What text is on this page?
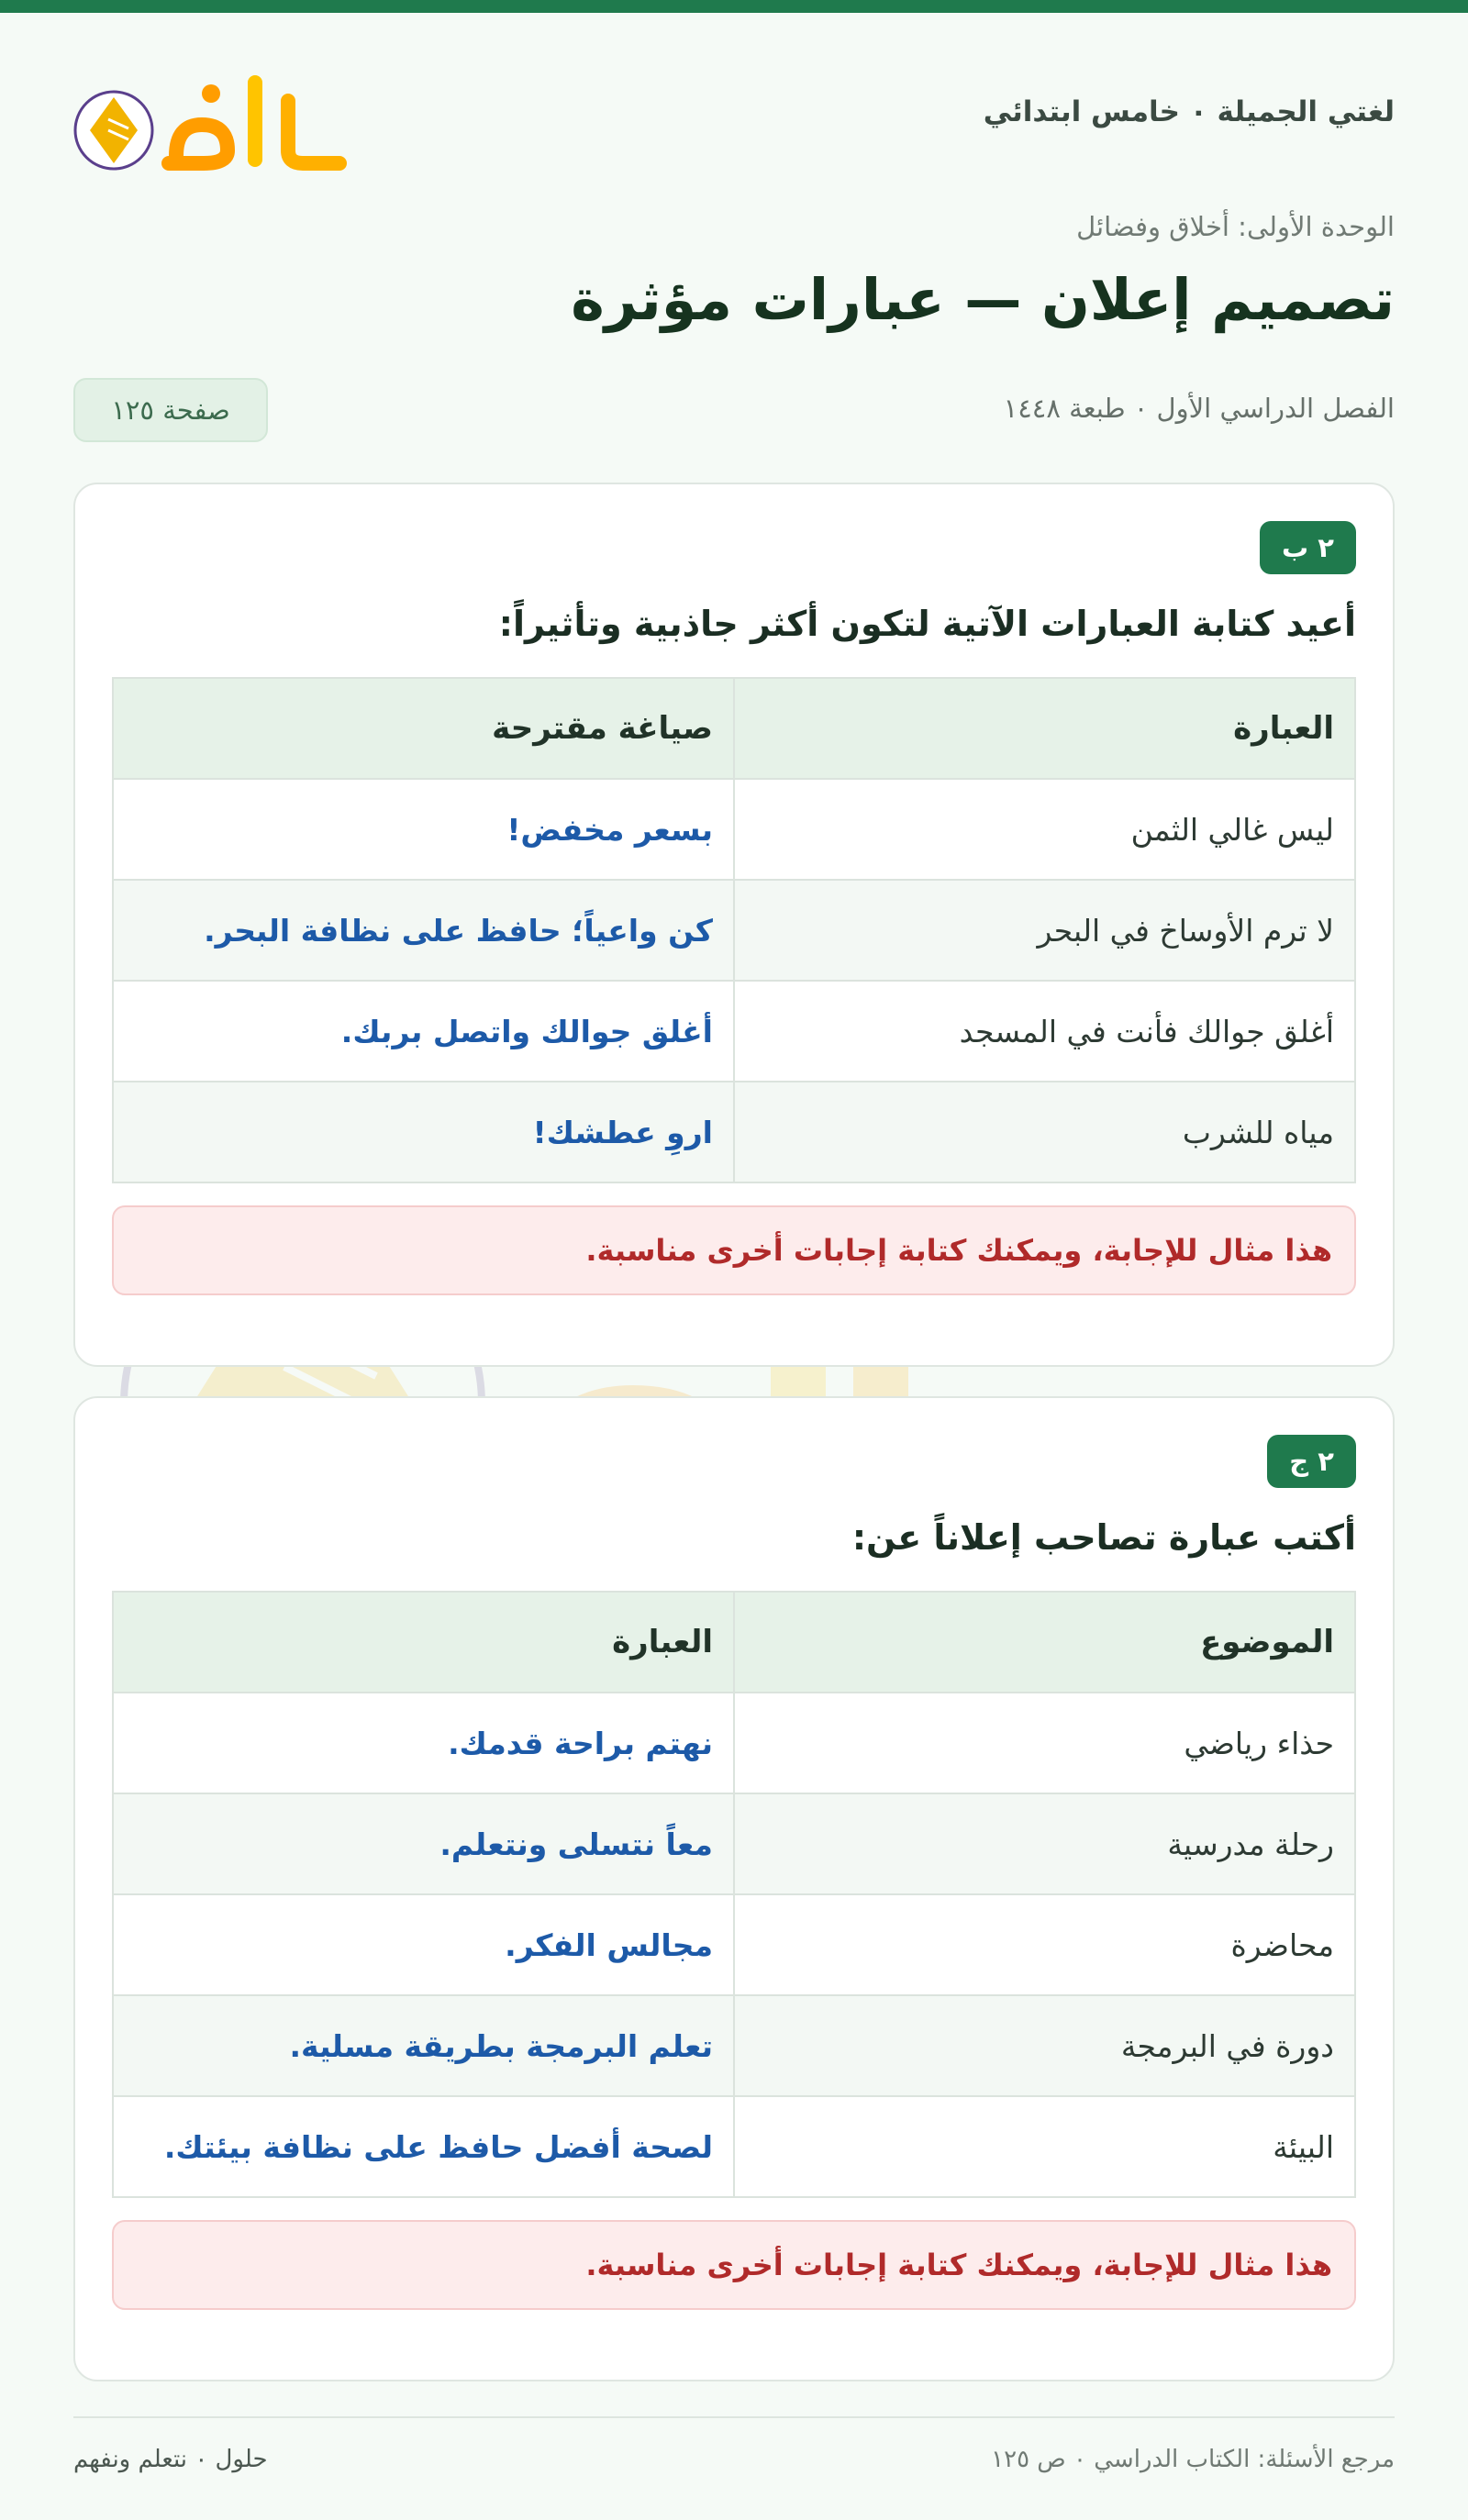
لغتي الجميلة ٠ خامس ابتدائي
الوحدة الأولى: أخلاق وفضائل
تصميم إعلان — عبارات مؤثرة
الفصل الدراسي الأول ٠ طبعة ١٤٤٨
صفحة ١٢٥
٢ ب
أعيد كتابة العبارات الآتية لتكون أكثر جاذبية وتأثيراً:
العبارة	صياغة مقترحة
ليس غالي الثمن	بسعر مخفض!
لا ترم الأوساخ في البحر	كن واعياً؛ حافظ على نظافة البحر.
أغلق جوالك فأنت في المسجد	أغلق جوالك واتصل بربك.
مياه للشرب	اروِ عطشك!
هذا مثال للإجابة، ويمكنك كتابة إجابات أخرى مناسبة.
٢ ج
أكتب عبارة تصاحب إعلاناً عن:
الموضوع	العبارة
حذاء رياضي	نهتم براحة قدمك.
رحلة مدرسية	معاً نتسلى ونتعلم.
محاضرة	مجالس الفكر.
دورة في البرمجة	تعلم البرمجة بطريقة مسلية.
البيئة	لصحة أفضل حافظ على نظافة بيئتك.
هذا مثال للإجابة، ويمكنك كتابة إجابات أخرى مناسبة.
مرجع الأسئلة: الكتاب الدراسي ٠ ص ١٢٥
حلول ٠ نتعلم ونفهم
